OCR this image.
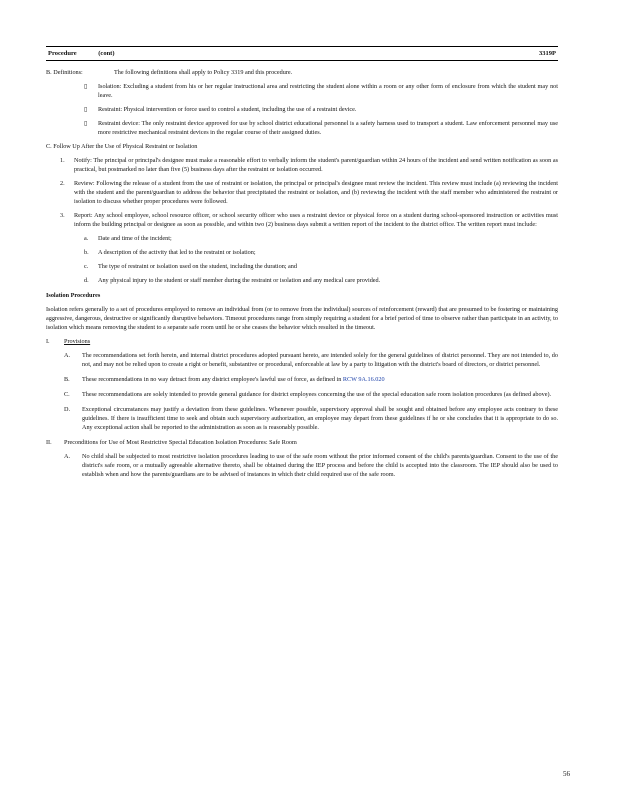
Procedure	(cont)	3319P
B. Definitions:	The following definitions shall apply to Policy 3319 and this procedure.

▯	Isolation: Excluding a student from his or her regular instructional area and restricting the student alone within a room or any other form of enclosure from which the student may not leave.

▯	Restraint: Physical intervention or force used to control a student, including the use of a restraint device.

▯	Restraint device: The only restraint device approved for use by school district educational personnel is a safety harness used to transport a student. Law enforcement personnel may use more restrictive mechanical restraint devices in the regular course of their assigned duties.

C. Follow Up After the Use of Physical Restraint or Isolation
1.	Notify: The principal or principal's designee must make a reasonable effort to verbally inform the student's parent/guardian within 24 hours of the incident and send written notification as soon as practical, but postmarked no later than five (5) business days after the restraint or isolation occurred.

2.	Review: Following the release of a student from the use of restraint or isolation, the principal or principal's designee must review the incident. This review must include (a) reviewing the incident with the student and the parent/guardian to address the behavior that precipitated the restraint or isolation, and (b) reviewing the incident with the staff member who administered the restraint or isolation to discuss whether proper procedures were followed.

3.	Report: Any school employee, school resource officer, or school security officer who uses a restraint device or physical force on a student during school-sponsored instruction or activities must inform the building principal or designee as soon as possible, and within two (2) business days submit a written report of the incident to the district office. The written report must include:

a.	Date and time of the incident;

b.	A description of the activity that led to the restraint or isolation;

c.	The type of restraint or isolation used on the student, including the duration; and

d.	Any physical injury to the student or staff member during the restraint or isolation and any medical care provided.

Isolation Procedures

Isolation refers generally to a set of procedures employed to remove an individual from (or to remove from the individual) sources of reinforcement (reward) that are presumed to be fostering or maintaining aggressive, dangerous, destructive or significantly disruptive behaviors. Timeout procedures range from simply requiring a student for a brief period of time to observe rather than participate in an activity, to isolation which means removing the student to a separate safe room until he or she ceases the behavior which resulted in the timeout.

I.	Provisions
A.	The recommendations set forth herein, and internal district procedures adopted pursuant hereto, are intended solely for the general guidelines of district personnel. They are not intended to, do not, and may not be relied upon to create a right or benefit, substantive or procedural, enforceable at law by a party to litigation with the district's board of directors, or district personnel.

B.	These recommendations in no way detract from any district employee's lawful use of force, as defined in RCW 9A.16.020

C.	These recommendations are solely intended to provide general guidance for district employees concerning the use of the special education safe room isolation procedures (as defined above).

D.	Exceptional circumstances may justify a deviation from these guidelines. Whenever possible, supervisory approval shall be sought and obtained before any employee acts contrary to these guidelines. If there is insufficient time to seek and obtain such supervisory authorization, an employee may depart from these guidelines if he or she concludes that it is appropriate to do so. Any exceptional action shall be reported to the administration as soon as is reasonably possible.

II.	Preconditions for Use of Most Restrictive Special Education Isolation Procedures: Safe Room
A.	No child shall be subjected to most restrictive isolation procedures leading to use of the safe room without the prior informed consent of the child's parents/guardian. Consent to the use of the district's safe room, or a mutually agreeable alternative thereto, shall be obtained during the IEP process and before the child is accepted into the classroom. The IEP should also be used to establish when and how the parents/guardians are to be advised of instances in which their child required use of the safe room.

56
